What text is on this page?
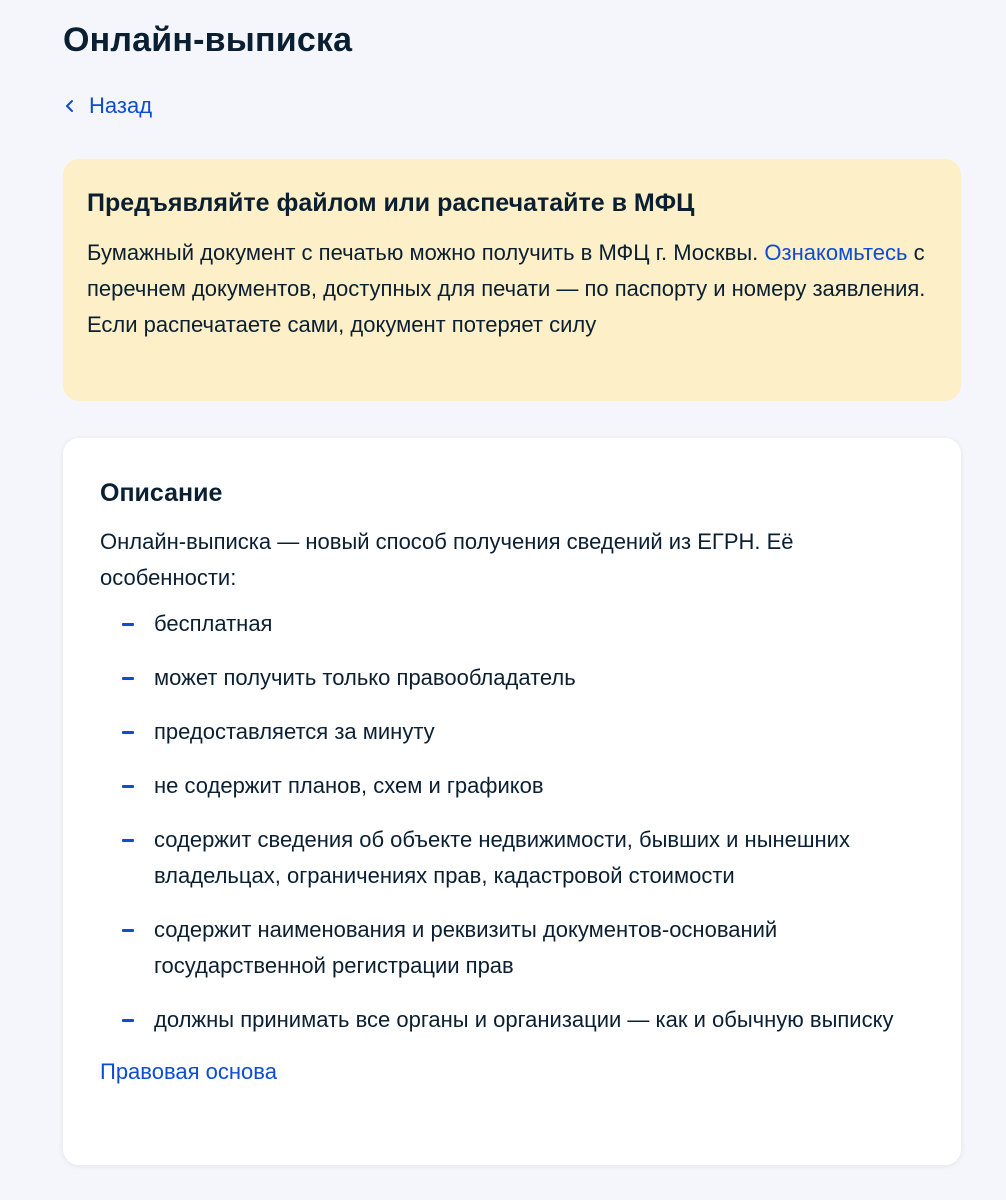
Онлайн-выписка
Назад
Предъявляйте файлом или распечатайте в МФЦ

Бумажный документ с печатью можно получить в МФЦ г. Москвы. Ознакомьтесь с перечнем документов, доступных для печати — по паспорту и номеру заявления. Если распечатаете сами, документ потеряет силу

Описание

Онлайн-выписка — новый способ получения сведений из ЕГРН. Её особенности:

бесплатная
может получить только правообладатель
предоставляется за минуту
не содержит планов, схем и графиков
содержит сведения об объекте недвижимости, бывших и нынешних владельцах, ограничениях прав, кадастровой стоимости
содержит наименования и реквизиты документов-оснований государственной регистрации прав
должны принимать все органы и организации — как и обычную выписку
Правовая основа
